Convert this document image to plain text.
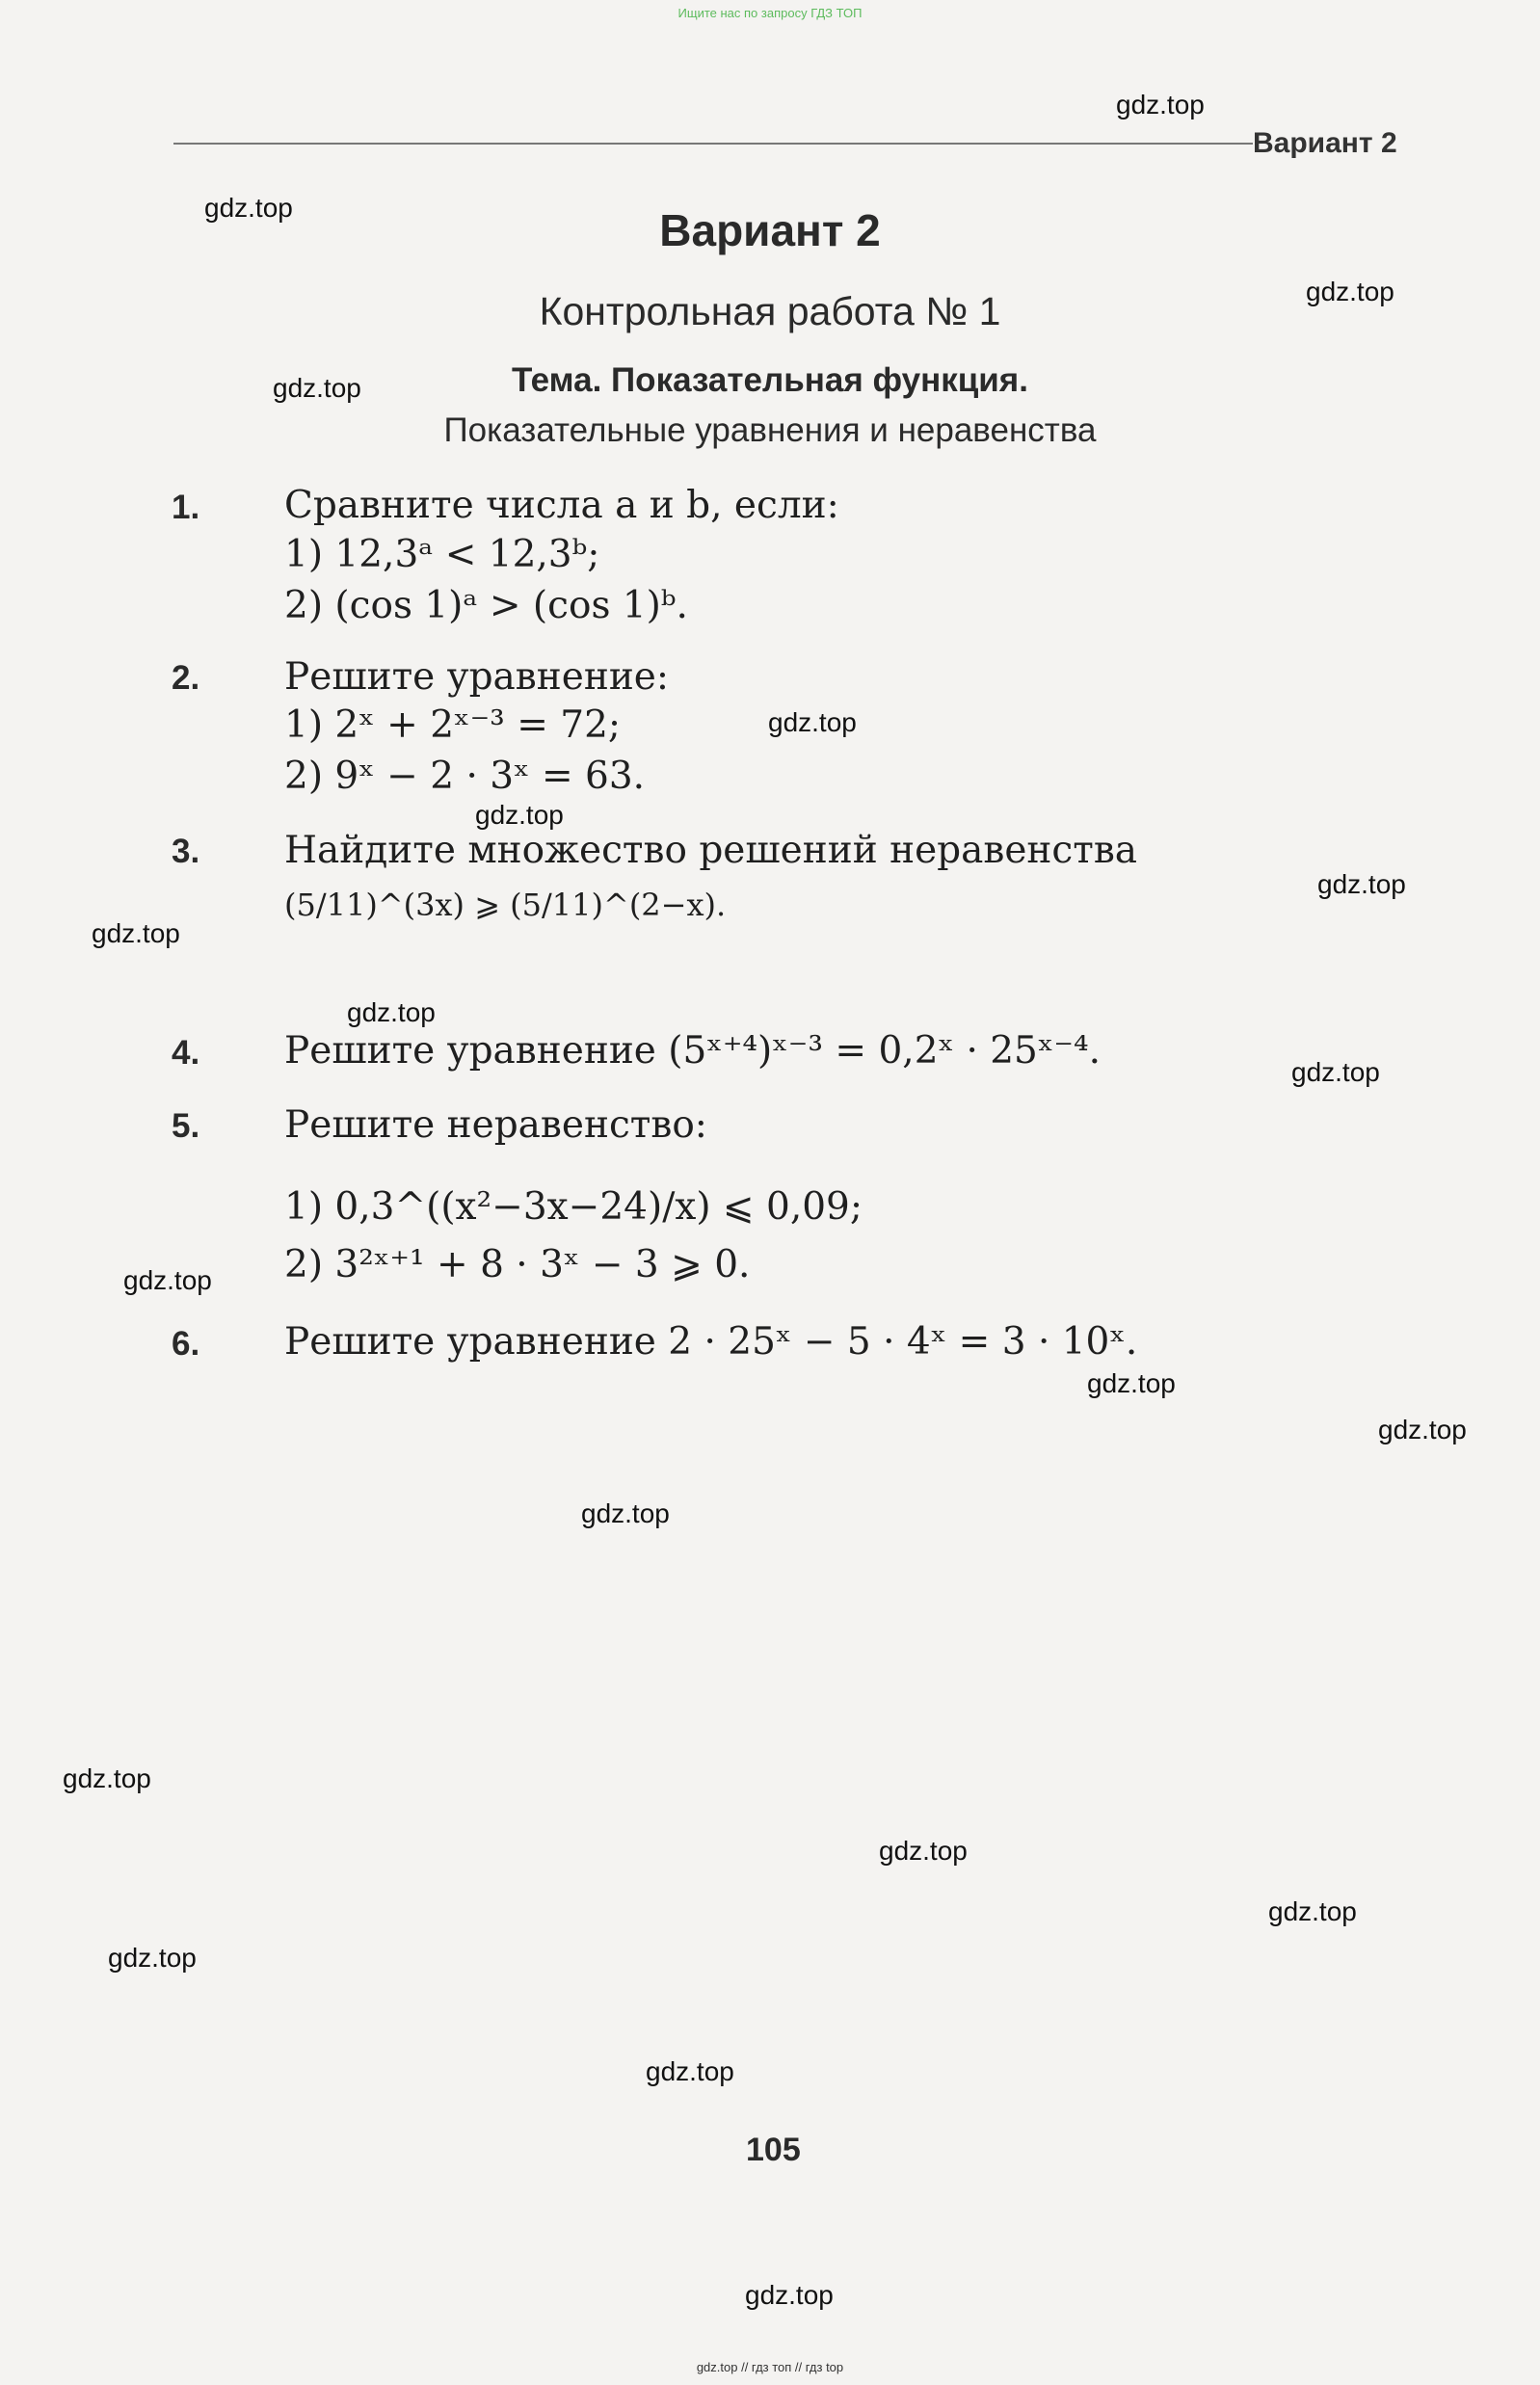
Ищите нас по запросу ГДЗ ТОП
Вариант 2
Вариант 2
Контрольная работа № 1
Тема. Показательная функция.
Показательные уравнения и неравенства
1. Сравните числа a и b, если:
1) 12,3ᵃ < 12,3ᵇ;
2) (cos 1)ᵃ > (cos 1)ᵇ.
2. Решите уравнение:
1) 2ˣ + 2ˣ⁻³ = 72;
2) 9ˣ − 2 · 3ˣ = 63.
3. Найдите множество решений неравенства
(5/11)^(3x) ⩾ (5/11)^(2−x).
4. Решите уравнение (5ˣ⁺⁴)ˣ⁻³ = 0,2ˣ · 25ˣ⁻⁴.
5. Решите неравенство:
1) 0,3^((x²−3x−24)/x) ⩽ 0,09;
2) 3²ˣ⁺¹ + 8 · 3ˣ − 3 ⩾ 0.
6. Решите уравнение 2 · 25ˣ − 5 · 4ˣ = 3 · 10ˣ.
105
gdz.top
gdz.top
gdz.top
gdz.top
gdz.top
gdz.top
gdz.top
gdz.top
gdz.top
gdz.top
gdz.top
gdz.top
gdz.top
gdz.top
gdz.top
gdz.top
gdz.top
gdz.top
gdz.top
gdz.top
gdz.top // гдз топ // гдз top
